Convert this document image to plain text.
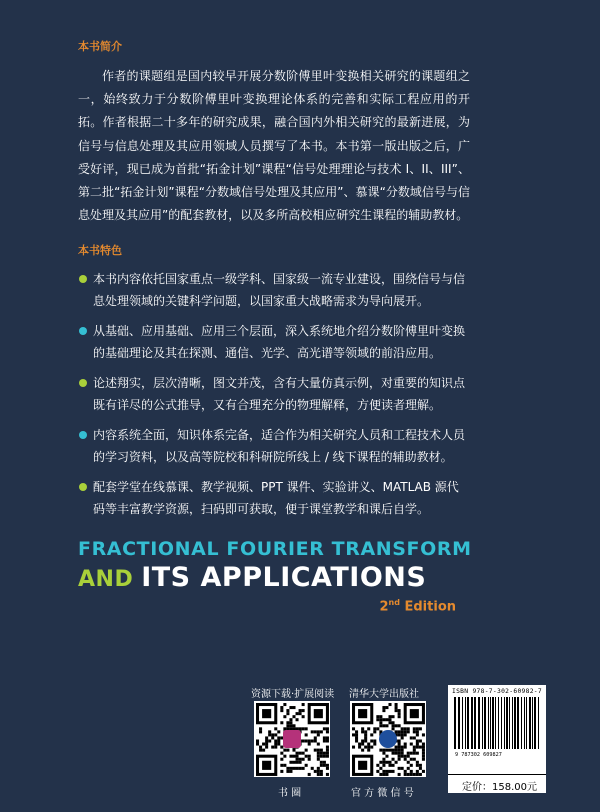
本书简介

作者的课题组是国内较早开展分数阶傅里叶变换相关研究的课题组之一，始终致力于分数阶傅里叶变换理论体系的完善和实际工程应用的开拓。作者根据二十多年的研究成果，融合国内外相关研究的最新进展，为信号与信息处理及其应用领域人员撰写了本书。本书第一版出版之后，广受好评，现已成为首批“拓金计划”课程“信号处理理论与技术 I、II、III”、第二批“拓金计划”课程“分数域信号处理及其应用”、慕课“分数域信号与信息处理及其应用”的配套教材，以及多所高校相应研究生课程的辅助教材。

本书特色
本书内容依托国家重点一级学科、国家级一流专业建设，围绕信号与信息处理领域的关键科学问题，以国家重大战略需求为导向展开。
从基础、应用基础、应用三个层面，深入系统地介绍分数阶傅里叶变换的基础理论及其在探测、通信、光学、高光谱等领域的前沿应用。
论述翔实，层次清晰，图文并茂，含有大量仿真示例，对重要的知识点既有详尽的公式推导，又有合理充分的物理解释，方便读者理解。
内容系统全面，知识体系完备，适合作为相关研究人员和工程技术人员的学习资料，以及高等院校和科研院所线上 / 线下课程的辅助教材。
配套学堂在线慕课、教学视频、PPT 课件、实验讲义、MATLAB 源代码等丰富教学资源，扫码即可获取，便于课堂教学和课后自学。
FRACTIONAL FOURIER TRANSFORM
AND ITS APPLICATIONS
2nd Edition
资源下载·扩展阅读
书 圈
清华大学出版社
官 方 微 信 号
ISBN 978-7-302-60982-7
9 787302 609827
定价：158.00元
